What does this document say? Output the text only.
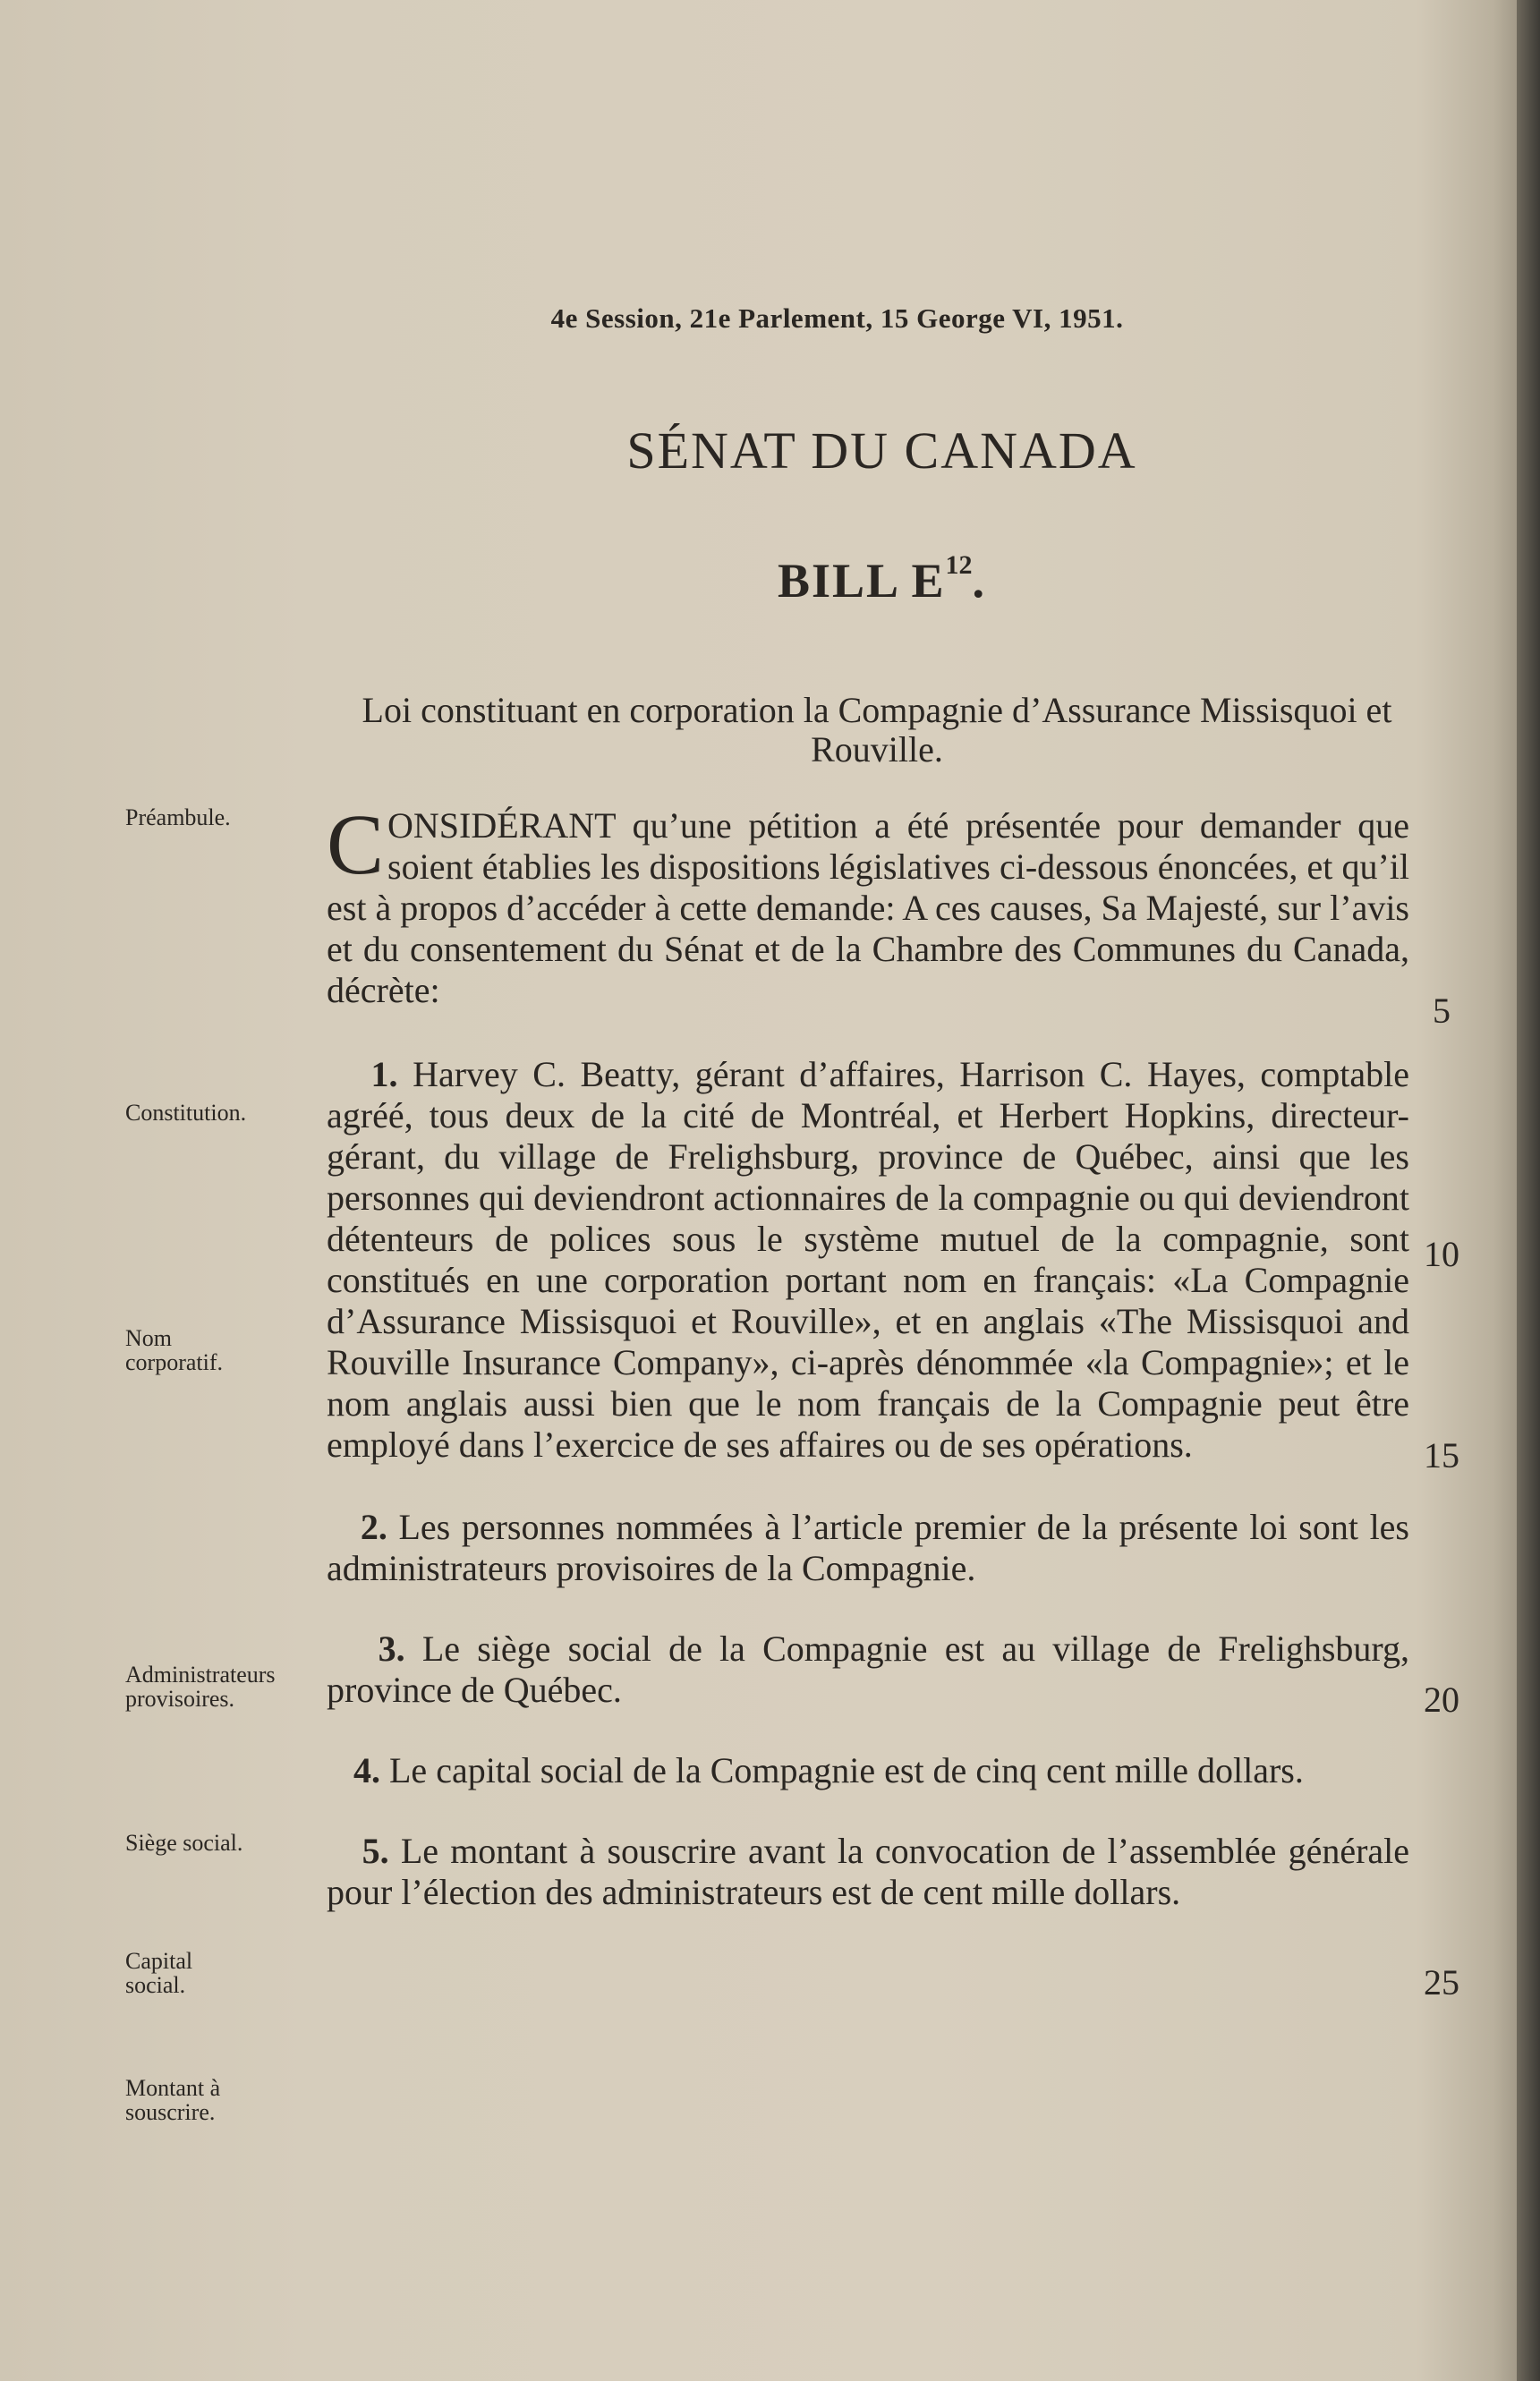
4e Session, 21e Parlement, 15 George VI, 1951.
SÉNAT DU CANADA
BILL $E^{12}$.
Loi constituant en corporation la Compagnie d’Assurance Missisquoi et Rouville.
Préambule.
Constitution.
Nom corporatif.
Administrateurs provisoires.
Siège social.
Capital social.
Montant à souscrire.
5
10
15
20
25

CONSIDÉRANT qu’une pétition a été présentée pour demander que soient établies les dispositions législatives ci-dessous énoncées, et qu’il est à propos d’accéder à cette demande: A ces causes, Sa Majesté, sur l’avis et du consentement du Sénat et de la Chambre des Communes du Canada, décrète:

1. Harvey C. Beatty, gérant d’affaires, Harrison C. Hayes, comptable agréé, tous deux de la cité de Montréal, et Herbert Hopkins, directeur-gérant, du village de Frelighsburg, province de Québec, ainsi que les personnes qui deviendront actionnaires de la compagnie ou qui deviendront détenteurs de polices sous le système mutuel de la compagnie, sont constitués en une corporation portant nom en français: «La Compagnie d’Assurance Missisquoi et Rouville», et en anglais «The Missisquoi and Rouville Insurance Company», ci-après dénommée «la Compagnie»; et le nom anglais aussi bien que le nom français de la Compagnie peut être employé dans l’exercice de ses affaires ou de ses opérations.

2. Les personnes nommées à l’article premier de la présente loi sont les administrateurs provisoires de la Compagnie.

3. Le siège social de la Compagnie est au village de Frelighsburg, province de Québec.

4. Le capital social de la Compagnie est de cinq cent mille dollars.

5. Le montant à souscrire avant la convocation de l’assemblée générale pour l’élection des administrateurs est de cent mille dollars.
